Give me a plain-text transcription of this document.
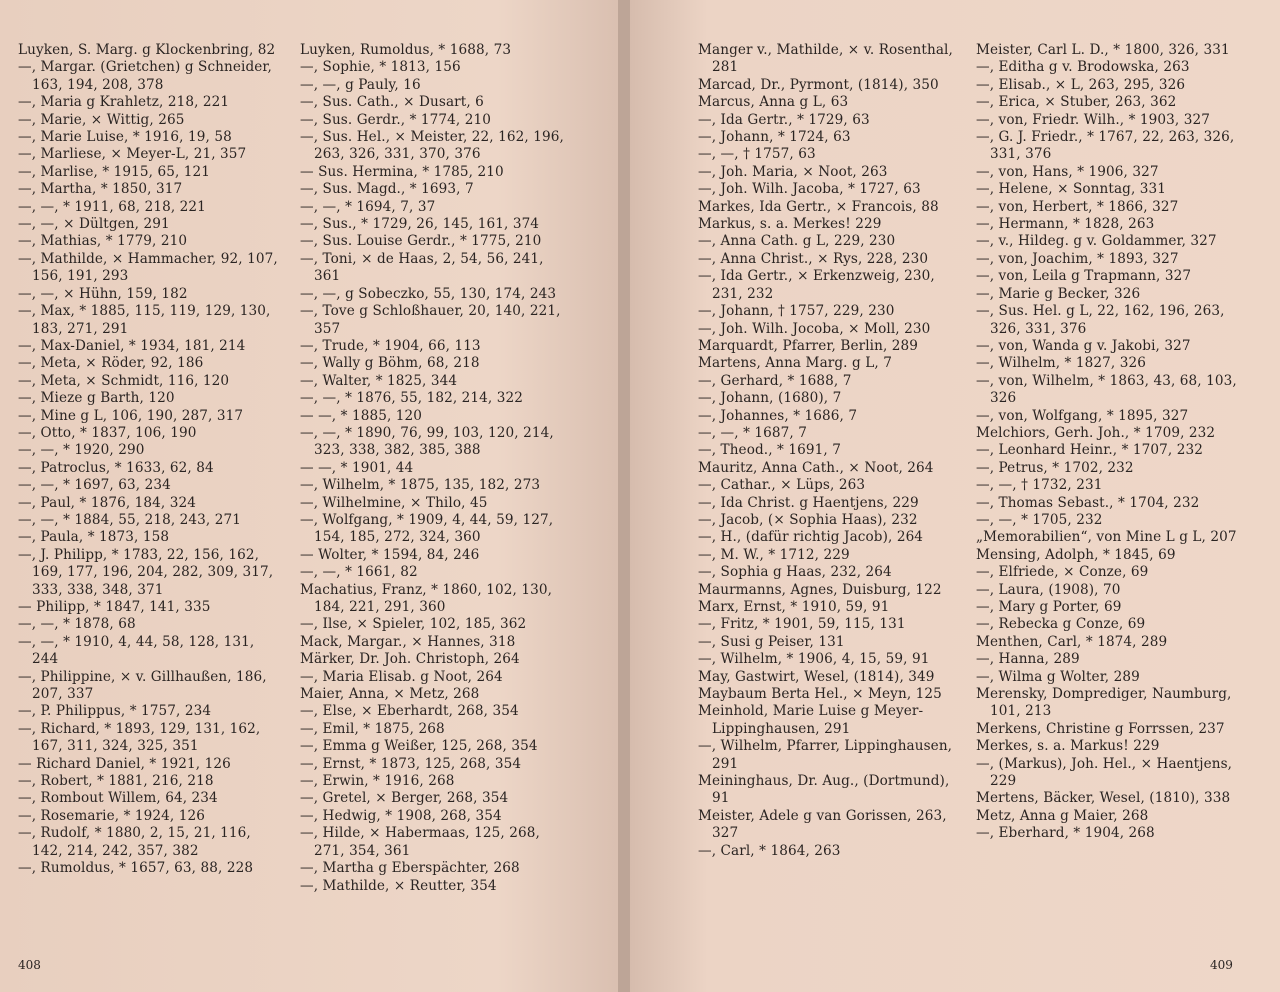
Luyken, S. Marg. g Klockenbring, 82

—, Margar. (Grietchen) g Schneider, 163, 194, 208, 378

—, Maria g Krahletz, 218, 221

—, Marie, × Wittig, 265

—, Marie Luise, * 1916, 19, 58

—, Marliese, × Meyer-L, 21, 357

—, Marlise, * 1915, 65, 121

—, Martha, * 1850, 317

—, —, * 1911, 68, 218, 221

—, —, × Dültgen, 291

—, Mathias, * 1779, 210

—, Mathilde, × Hammacher, 92, 107, 156, 191, 293

—, —, × Hühn, 159, 182

—, Max, * 1885, 115, 119, 129, 130, 183, 271, 291

—, Max-Daniel, * 1934, 181, 214

—, Meta, × Röder, 92, 186

—, Meta, × Schmidt, 116, 120

—, Mieze g Barth, 120

—, Mine g L, 106, 190, 287, 317

—, Otto, * 1837, 106, 190

—, —, * 1920, 290

—, Patroclus, * 1633, 62, 84

—, —, * 1697, 63, 234

—, Paul, * 1876, 184, 324

—, —, * 1884, 55, 218, 243, 271

—, Paula, * 1873, 158

—, J. Philipp, * 1783, 22, 156, 162, 169, 177, 196, 204, 282, 309, 317, 333, 338, 348, 371

— Philipp, * 1847, 141, 335

—, —, * 1878, 68

—, —, * 1910, 4, 44, 58, 128, 131, 244

—, Philippine, × v. Gillhaußen, 186, 207, 337

—, P. Philippus, * 1757, 234

—, Richard, * 1893, 129, 131, 162, 167, 311, 324, 325, 351

— Richard Daniel, * 1921, 126

—, Robert, * 1881, 216, 218

—, Rombout Willem, 64, 234

—, Rosemarie, * 1924, 126

—, Rudolf, * 1880, 2, 15, 21, 116, 142, 214, 242, 357, 382

—, Rumoldus, * 1657, 63, 88, 228

Luyken, Rumoldus, * 1688, 73

—, Sophie, * 1813, 156

—, —, g Pauly, 16

—, Sus. Cath., × Dusart, 6

—, Sus. Gerdr., * 1774, 210

—, Sus. Hel., × Meister, 22, 162, 196, 263, 326, 331, 370, 376

— Sus. Hermina, * 1785, 210

—, Sus. Magd., * 1693, 7

—, —, * 1694, 7, 37

—, Sus., * 1729, 26, 145, 161, 374

—, Sus. Louise Gerdr., * 1775, 210

—, Toni, × de Haas, 2, 54, 56, 241, 361

—, —, g Sobeczko, 55, 130, 174, 243

—, Tove g Schloßhauer, 20, 140, 221, 357

—, Trude, * 1904, 66, 113

—, Wally g Böhm, 68, 218

—, Walter, * 1825, 344

—, —, * 1876, 55, 182, 214, 322

— —, * 1885, 120

—, —, * 1890, 76, 99, 103, 120, 214, 323, 338, 382, 385, 388

— —, * 1901, 44

—, Wilhelm, * 1875, 135, 182, 273

—, Wilhelmine, × Thilo, 45

—, Wolfgang, * 1909, 4, 44, 59, 127, 154, 185, 272, 324, 360

— Wolter, * 1594, 84, 246

—, —, * 1661, 82

Machatius, Franz, * 1860, 102, 130, 184, 221, 291, 360

—, Ilse, × Spieler, 102, 185, 362

Mack, Margar., × Hannes, 318

Märker, Dr. Joh. Christoph, 264

—, Maria Elisab. g Noot, 264

Maier, Anna, × Metz, 268

—, Else, × Eberhardt, 268, 354

—, Emil, * 1875, 268

—, Emma g Weißer, 125, 268, 354

—, Ernst, * 1873, 125, 268, 354

—, Erwin, * 1916, 268

—, Gretel, × Berger, 268, 354

—, Hedwig, * 1908, 268, 354

—, Hilde, × Habermaas, 125, 268, 271, 354, 361

—, Martha g Eberspächter, 268

—, Mathilde, × Reutter, 354

408

Manger v., Mathilde, × v. Rosenthal, 281

Marcad, Dr., Pyrmont, (1814), 350

Marcus, Anna g L, 63

—, Ida Gertr., * 1729, 63

—, Johann, * 1724, 63

—, —, † 1757, 63

—, Joh. Maria, × Noot, 263

—, Joh. Wilh. Jacoba, * 1727, 63

Markes, Ida Gertr., × Francois, 88

Markus, s. a. Merkes! 229

—, Anna Cath. g L, 229, 230

—, Anna Christ., × Rys, 228, 230

—, Ida Gertr., × Erkenzweig, 230, 231, 232

—, Johann, † 1757, 229, 230

—, Joh. Wilh. Jocoba, × Moll, 230

Marquardt, Pfarrer, Berlin, 289

Martens, Anna Marg. g L, 7

—, Gerhard, * 1688, 7

—, Johann, (1680), 7

—, Johannes, * 1686, 7

—, —, * 1687, 7

—, Theod., * 1691, 7

Mauritz, Anna Cath., × Noot, 264

—, Cathar., × Lüps, 263

—, Ida Christ. g Haentjens, 229

—, Jacob, (× Sophia Haas), 232

—, H., (dafür richtig Jacob), 264

—, M. W., * 1712, 229

—, Sophia g Haas, 232, 264

Maurmanns, Agnes, Duisburg, 122

Marx, Ernst, * 1910, 59, 91

—, Fritz, * 1901, 59, 115, 131

—, Susi g Peiser, 131

—, Wilhelm, * 1906, 4, 15, 59, 91

May, Gastwirt, Wesel, (1814), 349

Maybaum Berta Hel., × Meyn, 125

Meinhold, Marie Luise g Meyer-Lippinghausen, 291

—, Wilhelm, Pfarrer, Lippinghausen, 291

Meininghaus, Dr. Aug., (Dortmund), 91

Meister, Adele g van Gorissen, 263, 327

—, Carl, * 1864, 263

Meister, Carl L. D., * 1800, 326, 331

—, Editha g v. Brodowska, 263

—, Elisab., × L, 263, 295, 326

—, Erica, × Stuber, 263, 362

—, von, Friedr. Wilh., * 1903, 327

—, G. J. Friedr., * 1767, 22, 263, 326, 331, 376

—, von, Hans, * 1906, 327

—, Helene, × Sonntag, 331

—, von, Herbert, * 1866, 327

—, Hermann, * 1828, 263

—, v., Hildeg. g v. Goldammer, 327

—, von, Joachim, * 1893, 327

—, von, Leila g Trapmann, 327

—, Marie g Becker, 326

—, Sus. Hel. g L, 22, 162, 196, 263, 326, 331, 376

—, von, Wanda g v. Jakobi, 327

—, Wilhelm, * 1827, 326

—, von, Wilhelm, * 1863, 43, 68, 103, 326

—, von, Wolfgang, * 1895, 327

Melchiors, Gerh. Joh., * 1709, 232

—, Leonhard Heinr., * 1707, 232

—, Petrus, * 1702, 232

—, —, † 1732, 231

—, Thomas Sebast., * 1704, 232

—, —, * 1705, 232

„Memorabilien“, von Mine L g L, 207

Mensing, Adolph, * 1845, 69

—, Elfriede, × Conze, 69

—, Laura, (1908), 70

—, Mary g Porter, 69

—, Rebecka g Conze, 69

Menthen, Carl, * 1874, 289

—, Hanna, 289

—, Wilma g Wolter, 289

Merensky, Domprediger, Naumburg, 101, 213

Merkens, Christine g Forrssen, 237

Merkes, s. a. Markus! 229

—, (Markus), Joh. Hel., × Haentjens, 229

Mertens, Bäcker, Wesel, (1810), 338

Metz, Anna g Maier, 268

—, Eberhard, * 1904, 268

409
